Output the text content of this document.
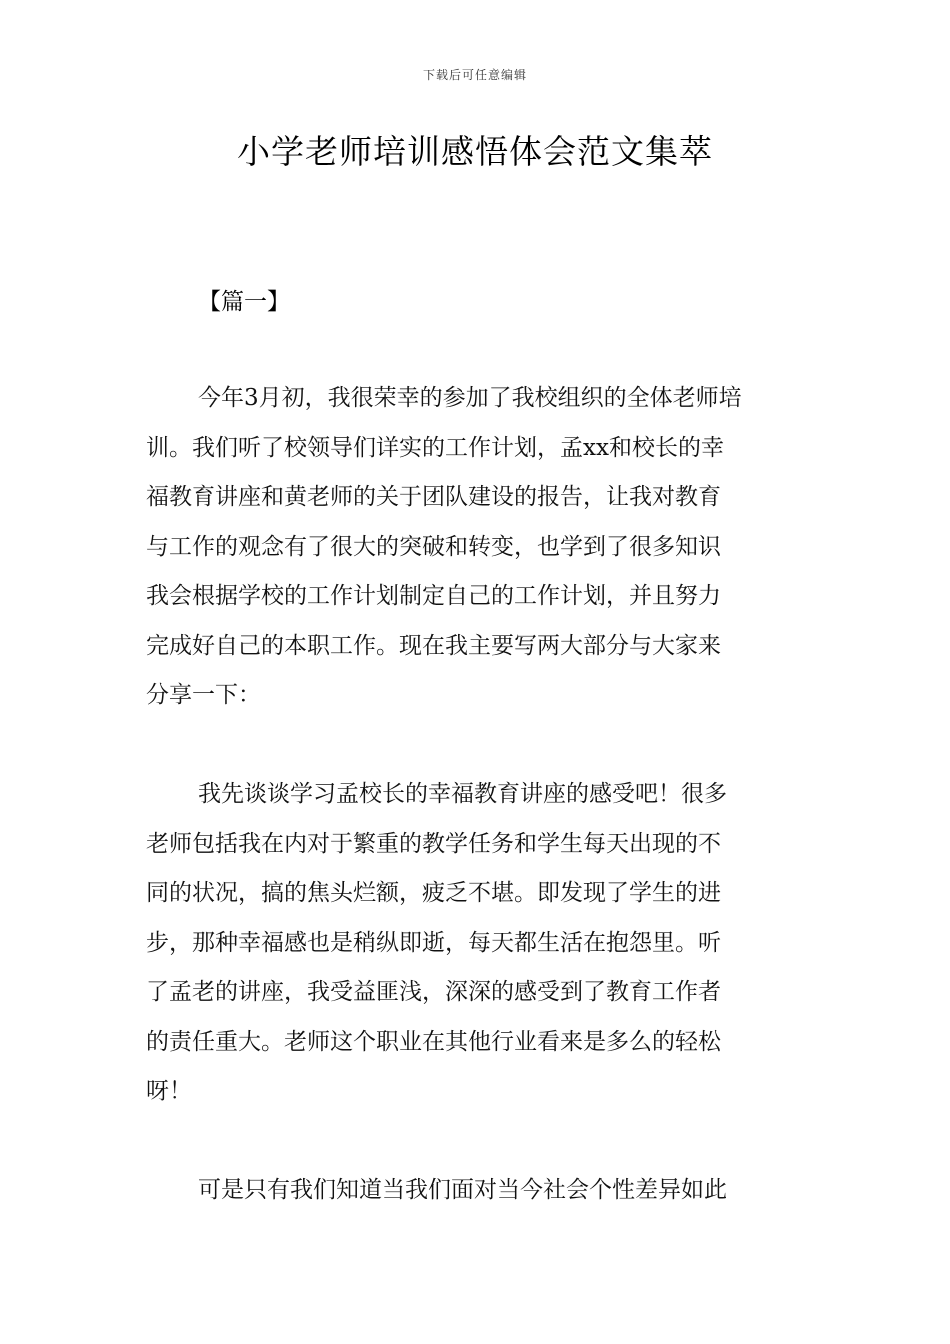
下载后可任意编辑
小学老师培训感悟体会范文集萃
【篇一】
今年3月初，我很荣幸的参加了我校组织的全体老师培
训。我们听了校领导们详实的工作计划，孟xx和校长的幸
福教育讲座和黄老师的关于团队建设的报告，让我对教育
与工作的观念有了很大的突破和转变，也学到了很多知识
我会根据学校的工作计划制定自己的工作计划，并且努力
完成好自己的本职工作。现在我主要写两大部分与大家来
分享一下：
我先谈谈学习孟校长的幸福教育讲座的感受吧！很多
老师包括我在内对于繁重的教学任务和学生每天出现的不
同的状况，搞的焦头烂额，疲乏不堪。即发现了学生的进
步，那种幸福感也是稍纵即逝，每天都生活在抱怨里。听
了孟老的讲座，我受益匪浅，深深的感受到了教育工作者
的责任重大。老师这个职业在其他行业看来是多么的轻松
呀！
可是只有我们知道当我们面对当今社会个性差异如此
